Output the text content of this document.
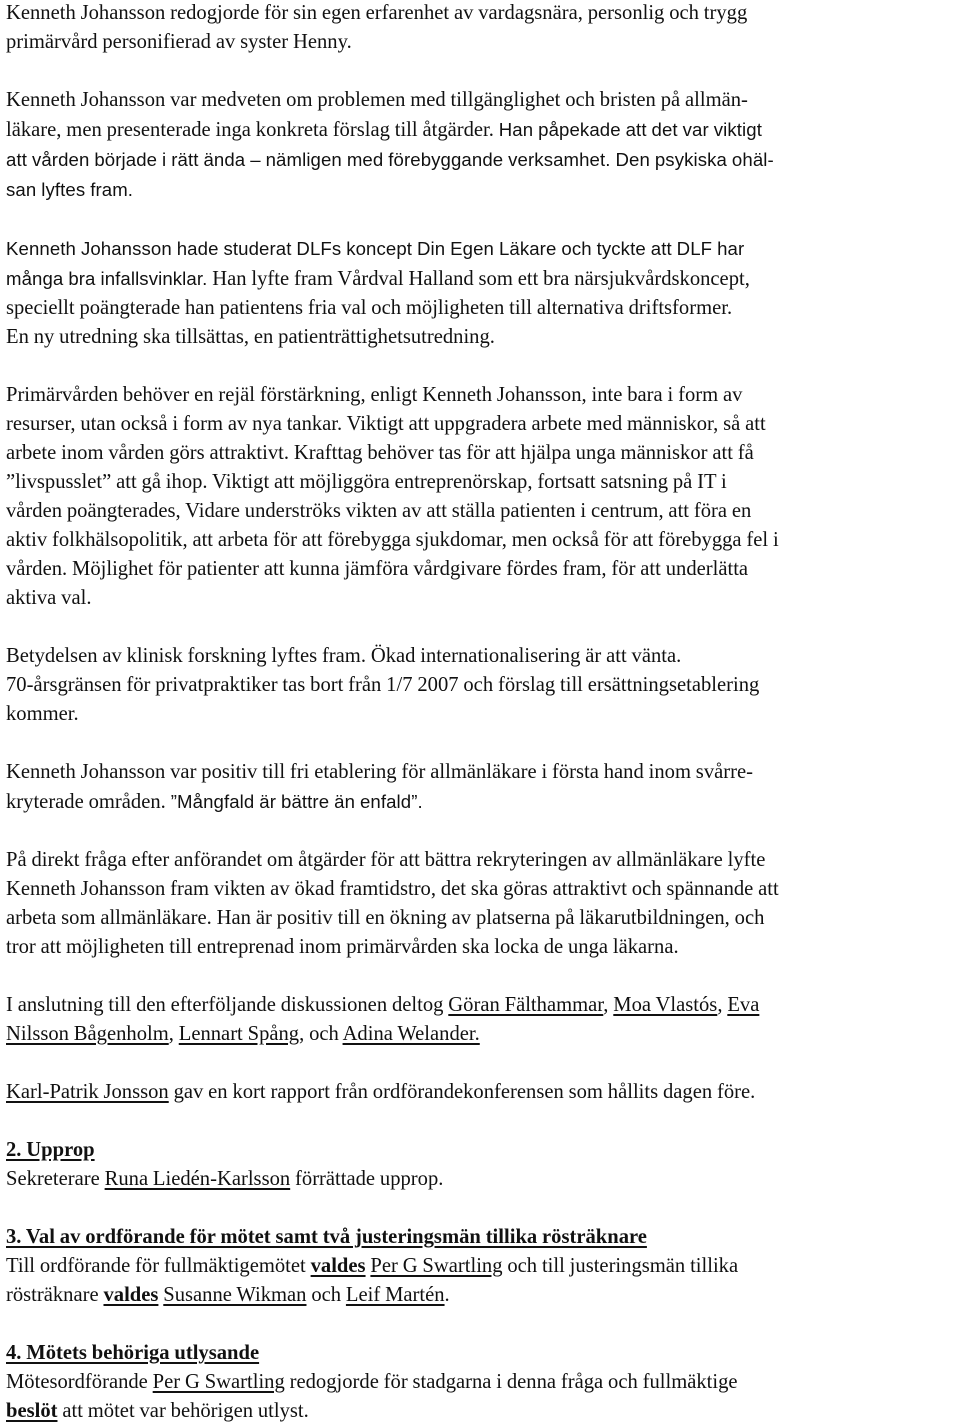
Kenneth Johansson redogjorde för sin egen erfarenhet av vardagsnära, personlig och trygg
primärvård personifierad av syster Henny.

Kenneth Johansson var medveten om problemen med tillgänglighet och bristen på allmän-
läkare, men presenterade inga konkreta förslag till åtgärder. Han påpekade att det var viktigt
att vården började i rätt ända – nämligen med förebyggande verksamhet. Den psykiska ohäl-
san lyftes fram.

Kenneth Johansson hade studerat DLFs koncept Din Egen Läkare och tyckte att DLF har
många bra infallsvinklar. Han lyfte fram Vårdval Halland som ett bra närsjukvårdskoncept,
speciellt poängterade han patientens fria val och möjligheten till alternativa driftsformer.
En ny utredning ska tillsättas, en patienträttighetsutredning.

Primärvården behöver en rejäl förstärkning, enligt Kenneth Johansson, inte bara i form av
resurser, utan också i form av nya tankar. Viktigt att uppgradera arbete med människor, så att
arbete inom vården görs attraktivt. Krafttag behöver tas för att hjälpa unga människor att få
”livspusslet” att gå ihop. Viktigt att möjliggöra entreprenörskap, fortsatt satsning på IT i
vården poängterades, Vidare underströks vikten av att ställa patienten i centrum, att föra en
aktiv folkhälsopolitik, att arbeta för att förebygga sjukdomar, men också för att förebygga fel i
vården. Möjlighet för patienter att kunna jämföra vårdgivare fördes fram, för att underlätta
aktiva val.

Betydelsen av klinisk forskning lyftes fram. Ökad internationalisering är att vänta.
70-årsgränsen för privatpraktiker tas bort från 1/7 2007 och förslag till ersättningsetablering
kommer.

Kenneth Johansson var positiv till fri etablering för allmänläkare i första hand inom svårre-
kryterade områden. ”Mångfald är bättre än enfald”.

På direkt fråga efter anförandet om åtgärder för att bättra rekryteringen av allmänläkare lyfte
Kenneth Johansson fram vikten av ökad framtidstro, det ska göras attraktivt och spännande att
arbeta som allmänläkare. Han är positiv till en ökning av platserna på läkarutbildningen, och
tror att möjligheten till entreprenad inom primärvården ska locka de unga läkarna.

I anslutning till den efterföljande diskussionen deltog Göran Fälthammar, Moa Vlastós, Eva
Nilsson Bågenholm, Lennart Spång, och Adina Welander.

Karl-Patrik Jonsson gav en kort rapport från ordförandekonferensen som hållits dagen före.

2. Upprop

Sekreterare Runa Liedén-Karlsson förrättade upprop.

3. Val av ordförande för mötet samt två justeringsmän tillika rösträknare

Till ordförande för fullmäktigemötet valdes Per G Swartling och till justeringsmän tillika
rösträknare valdes Susanne Wikman och Leif Martén.

4. Mötets behöriga utlysande

Mötesordförande Per G Swartling redogjorde för stadgarna i denna fråga och fullmäktige
beslöt att mötet var behörigen utlyst.
